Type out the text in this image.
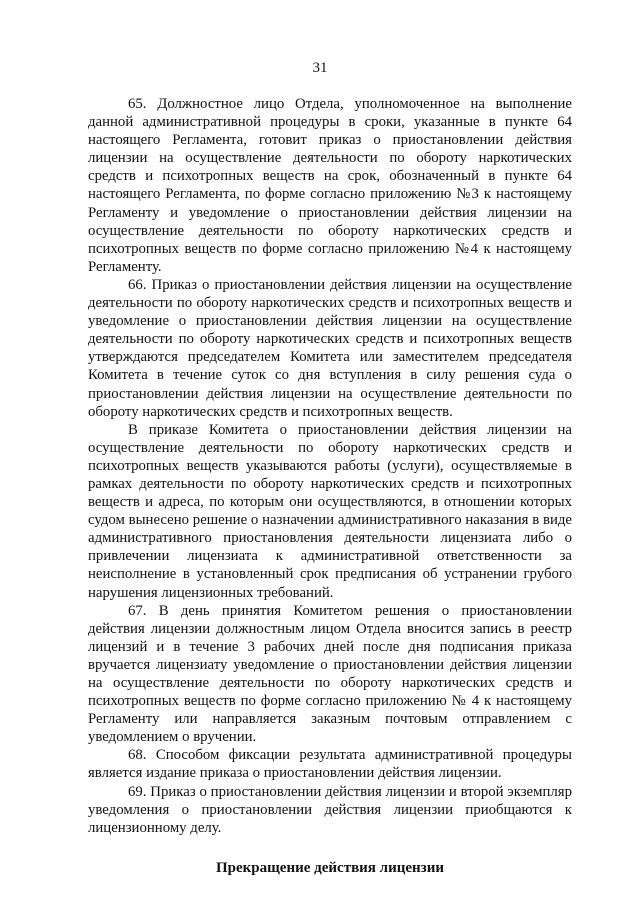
31

65. Должностное лицо Отдела, уполномоченное на выполнение данной административной процедуры в сроки, указанные в пункте 64 настоящего Регламента, готовит приказ о приостановлении действия лицензии на осуществление деятельности по обороту наркотических средств и психотропных веществ на срок, обозначенный в пункте 64 настоящего Регламента, по форме согласно приложению №3 к настоящему Регламенту и уведомление о приостановлении действия лицензии на осуществление деятельности по обороту наркотических средств и психотропных веществ по форме согласно приложению №4 к настоящему Регламенту.

66. Приказ о приостановлении действия лицензии на осуществление деятельности по обороту наркотических средств и психотропных веществ и уведомление о приостановлении действия лицензии на осуществление деятельности по обороту наркотических средств и психотропных веществ утверждаются председателем Комитета или заместителем председателя Комитета в течение суток со дня вступления в силу решения суда о приостановлении действия лицензии на осуществление деятельности по обороту наркотических средств и психотропных веществ.

В приказе Комитета о приостановлении действия лицензии на осуществление деятельности по обороту наркотических средств и психотропных веществ указываются работы (услуги), осуществляемые в рамках деятельности по обороту наркотических средств и психотропных веществ и адреса, по которым они осуществляются, в отношении которых судом вынесено решение о назначении административного наказания в виде административного приостановления деятельности лицензиата либо о привлечении лицензиата к административной ответственности за неисполнение в установленный срок предписания об устранении грубого нарушения лицензионных требований.

67. В день принятия Комитетом решения о приостановлении действия лицензии должностным лицом Отдела вносится запись в реестр лицензий и в течение 3 рабочих дней после дня подписания приказа вручается лицензиату уведомление о приостановлении действия лицензии на осуществление деятельности по обороту наркотических средств и психотропных веществ по форме согласно приложению № 4 к настоящему Регламенту или направляется заказным почтовым отправлением с уведомлением о вручении.

68. Способом фиксации результата административной процедуры является издание приказа о приостановлении действия лицензии.

69. Приказ о приостановлении действия лицензии и второй экземпляр уведомления о приостановлении действия лицензии приобщаются к лицензионному делу.

Прекращение действия лицензии
